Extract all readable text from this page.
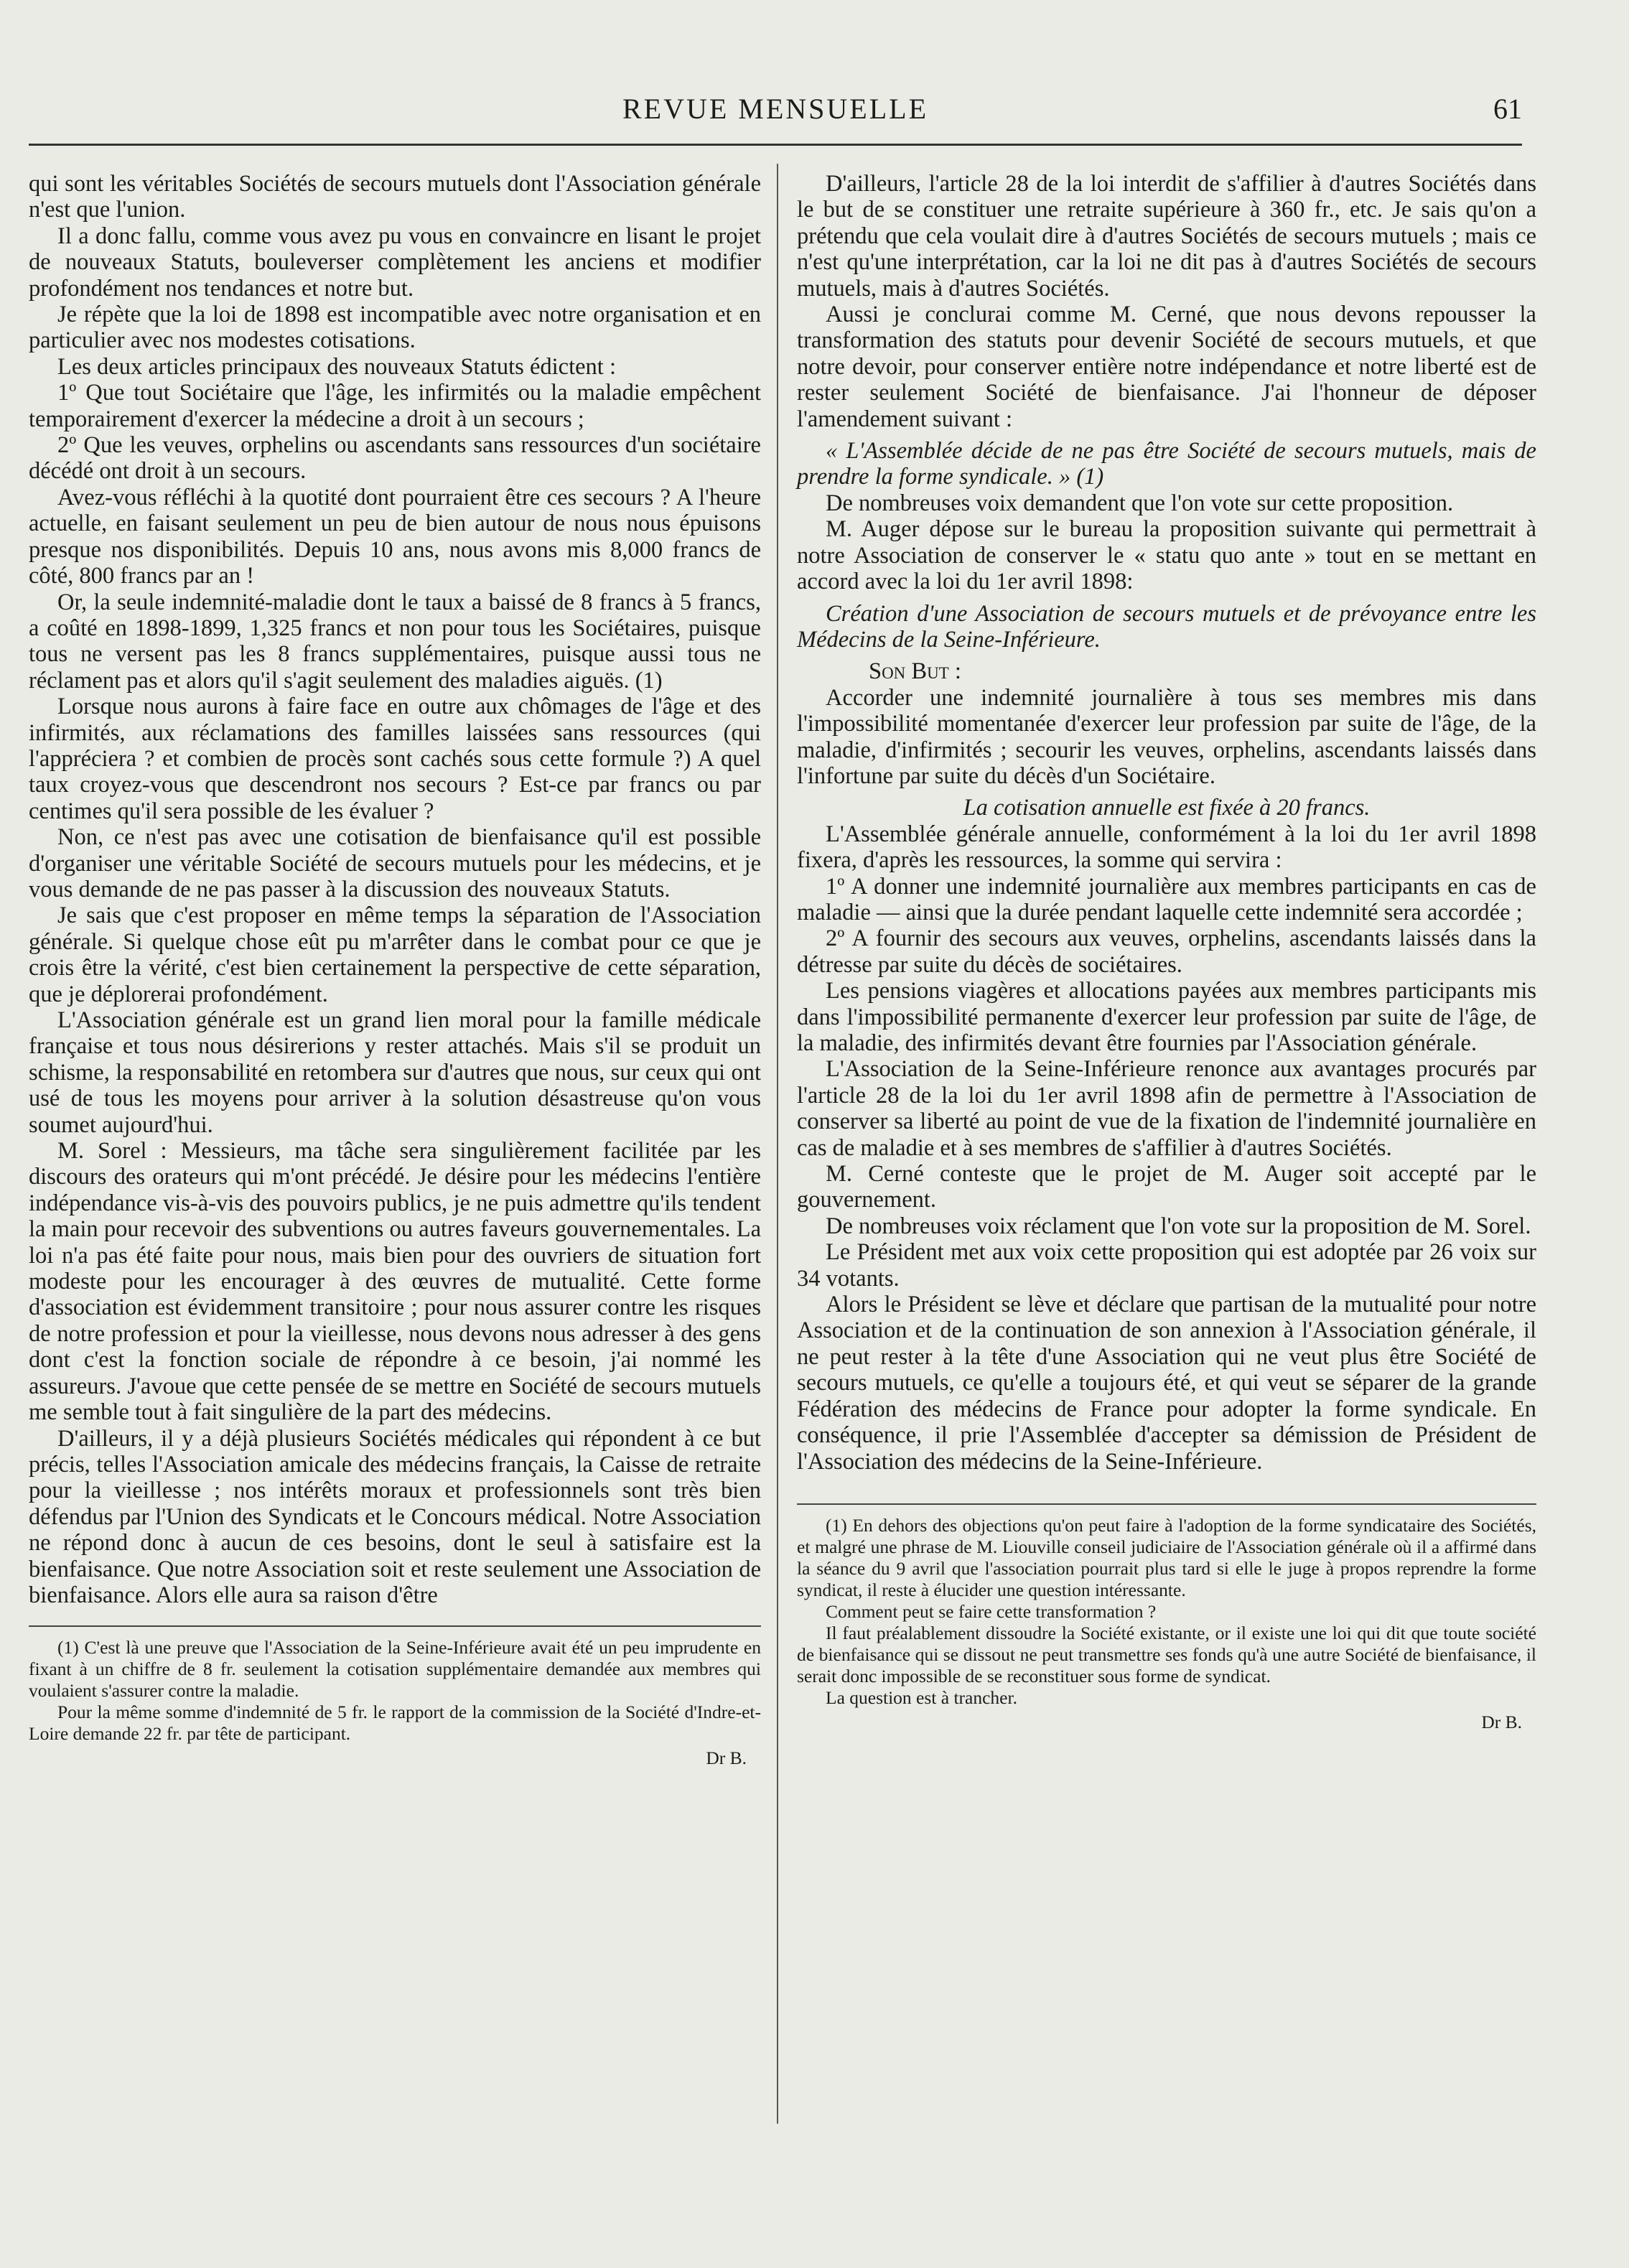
REVUE MENSUELLE	61

qui sont les véritables Sociétés de secours mutuels dont l'Association générale n'est que l'union.

Il a donc fallu, comme vous avez pu vous en convaincre en lisant le projet de nouveaux Statuts, bouleverser complètement les anciens et modifier profondément nos tendances et notre but.

Je répète que la loi de 1898 est incompatible avec notre organisation et en particulier avec nos modestes cotisations.

Les deux articles principaux des nouveaux Statuts édictent :

1º Que tout Sociétaire que l'âge, les infirmités ou la maladie empêchent temporairement d'exercer la médecine a droit à un secours ;

2º Que les veuves, orphelins ou ascendants sans ressources d'un sociétaire décédé ont droit à un secours.

Avez-vous réfléchi à la quotité dont pourraient être ces secours ? A l'heure actuelle, en faisant seulement un peu de bien autour de nous nous épuisons presque nos disponibilités. Depuis 10 ans, nous avons mis 8,000 francs de côté, 800 francs par an !

Or, la seule indemnité-maladie dont le taux a baissé de 8 francs à 5 francs, a coûté en 1898-1899, 1,325 francs et non pour tous les Sociétaires, puisque tous ne versent pas les 8 francs supplémentaires, puisque aussi tous ne réclament pas et alors qu'il s'agit seulement des maladies aiguës. (1)

Lorsque nous aurons à faire face en outre aux chômages de l'âge et des infirmités, aux réclamations des familles laissées sans ressources (qui l'appréciera ? et combien de procès sont cachés sous cette formule ?) A quel taux croyez-vous que descendront nos secours ? Est-ce par francs ou par centimes qu'il sera possible de les évaluer ?

Non, ce n'est pas avec une cotisation de bienfaisance qu'il est possible d'organiser une véritable Société de secours mutuels pour les médecins, et je vous demande de ne pas passer à la discussion des nouveaux Statuts.

Je sais que c'est proposer en même temps la séparation de l'Association générale. Si quelque chose eût pu m'arrêter dans le combat pour ce que je crois être la vérité, c'est bien certainement la perspective de cette séparation, que je déplorerai profondément.

L'Association générale est un grand lien moral pour la famille médicale française et tous nous désirerions y rester attachés. Mais s'il se produit un schisme, la responsabilité en retombera sur d'autres que nous, sur ceux qui ont usé de tous les moyens pour arriver à la solution désastreuse qu'on vous soumet aujourd'hui.

M. Sorel : Messieurs, ma tâche sera singulièrement facilitée par les discours des orateurs qui m'ont précédé. Je désire pour les médecins l'entière indépendance vis-à-vis des pouvoirs publics, je ne puis admettre qu'ils tendent la main pour recevoir des subventions ou autres faveurs gouvernementales. La loi n'a pas été faite pour nous, mais bien pour des ouvriers de situation fort modeste pour les encourager à des œuvres de mutualité. Cette forme d'association est évidemment transitoire ; pour nous assurer contre les risques de notre profession et pour la vieillesse, nous devons nous adresser à des gens dont c'est la fonction sociale de répondre à ce besoin, j'ai nommé les assureurs. J'avoue que cette pensée de se mettre en Société de secours mutuels me semble tout à fait singulière de la part des médecins.

D'ailleurs, il y a déjà plusieurs Sociétés médicales qui répondent à ce but précis, telles l'Association amicale des médecins français, la Caisse de retraite pour la vieillesse ; nos intérêts moraux et professionnels sont très bien défendus par l'Union des Syndicats et le Concours médical. Notre Association ne répond donc à aucun de ces besoins, dont le seul à satisfaire est la bienfaisance. Que notre Association soit et reste seulement une Association de bienfaisance. Alors elle aura sa raison d'être

(1) C'est là une preuve que l'Association de la Seine-Inférieure avait été un peu imprudente en fixant à un chiffre de 8 fr. seulement la cotisation supplémentaire demandée aux membres qui voulaient s'assurer contre la maladie.

Pour la même somme d'indemnité de 5 fr. le rapport de la commission de la Société d'Indre-et-Loire demande 22 fr. par tête de participant.

Dr B.

D'ailleurs, l'article 28 de la loi interdit de s'affilier à d'autres Sociétés dans le but de se constituer une retraite supérieure à 360 fr., etc. Je sais qu'on a prétendu que cela voulait dire à d'autres Sociétés de secours mutuels ; mais ce n'est qu'une interprétation, car la loi ne dit pas à d'autres Sociétés de secours mutuels, mais à d'autres Sociétés.

Aussi je conclurai comme M. Cerné, que nous devons repousser la transformation des statuts pour devenir Société de secours mutuels, et que notre devoir, pour conserver entière notre indépendance et notre liberté est de rester seulement Société de bienfaisance. J'ai l'honneur de déposer l'amendement suivant :

« L'Assemblée décide de ne pas être Société de secours mutuels, mais de prendre la forme syndicale. » (1)

De nombreuses voix demandent que l'on vote sur cette proposition.

M. Auger dépose sur le bureau la proposition suivante qui permettrait à notre Association de conserver le « statu quo ante » tout en se mettant en accord avec la loi du 1er avril 1898:

Création d'une Association de secours mutuels et de prévoyance entre les Médecins de la Seine-Inférieure.

Son But :

Accorder une indemnité journalière à tous ses membres mis dans l'impossibilité momentanée d'exercer leur profession par suite de l'âge, de la maladie, d'infirmités ; secourir les veuves, orphelins, ascendants laissés dans l'infortune par suite du décès d'un Sociétaire.

La cotisation annuelle est fixée à 20 francs.

L'Assemblée générale annuelle, conformément à la loi du 1er avril 1898 fixera, d'après les ressources, la somme qui servira :

1º A donner une indemnité journalière aux membres participants en cas de maladie — ainsi que la durée pendant laquelle cette indemnité sera accordée ;

2º A fournir des secours aux veuves, orphelins, ascendants laissés dans la détresse par suite du décès de sociétaires.

Les pensions viagères et allocations payées aux membres participants mis dans l'impossibilité permanente d'exercer leur profession par suite de l'âge, de la maladie, des infirmités devant être fournies par l'Association générale.

L'Association de la Seine-Inférieure renonce aux avantages procurés par l'article 28 de la loi du 1er avril 1898 afin de permettre à l'Association de conserver sa liberté au point de vue de la fixation de l'indemnité journalière en cas de maladie et à ses membres de s'affilier à d'autres Sociétés.

M. Cerné conteste que le projet de M. Auger soit accepté par le gouvernement.

De nombreuses voix réclament que l'on vote sur la proposition de M. Sorel.

Le Président met aux voix cette proposition qui est adoptée par 26 voix sur 34 votants.

Alors le Président se lève et déclare que partisan de la mutualité pour notre Association et de la continuation de son annexion à l'Association générale, il ne peut rester à la tête d'une Association qui ne veut plus être Société de secours mutuels, ce qu'elle a toujours été, et qui veut se séparer de la grande Fédération des médecins de France pour adopter la forme syndicale. En conséquence, il prie l'Assemblée d'accepter sa démission de Président de l'Association des médecins de la Seine-Inférieure.

(1) En dehors des objections qu'on peut faire à l'adoption de la forme syndicataire des Sociétés, et malgré une phrase de M. Liouville conseil judiciaire de l'Association générale où il a affirmé dans la séance du 9 avril que l'association pourrait plus tard si elle le juge à propos reprendre la forme syndicat, il reste à élucider une question intéressante.

Comment peut se faire cette transformation ?

Il faut préalablement dissoudre la Société existante, or il existe une loi qui dit que toute société de bienfaisance qui se dissout ne peut transmettre ses fonds qu'à une autre Société de bienfaisance, il serait donc impossible de se reconstituer sous forme de syndicat.

La question est à trancher.

Dr B.
